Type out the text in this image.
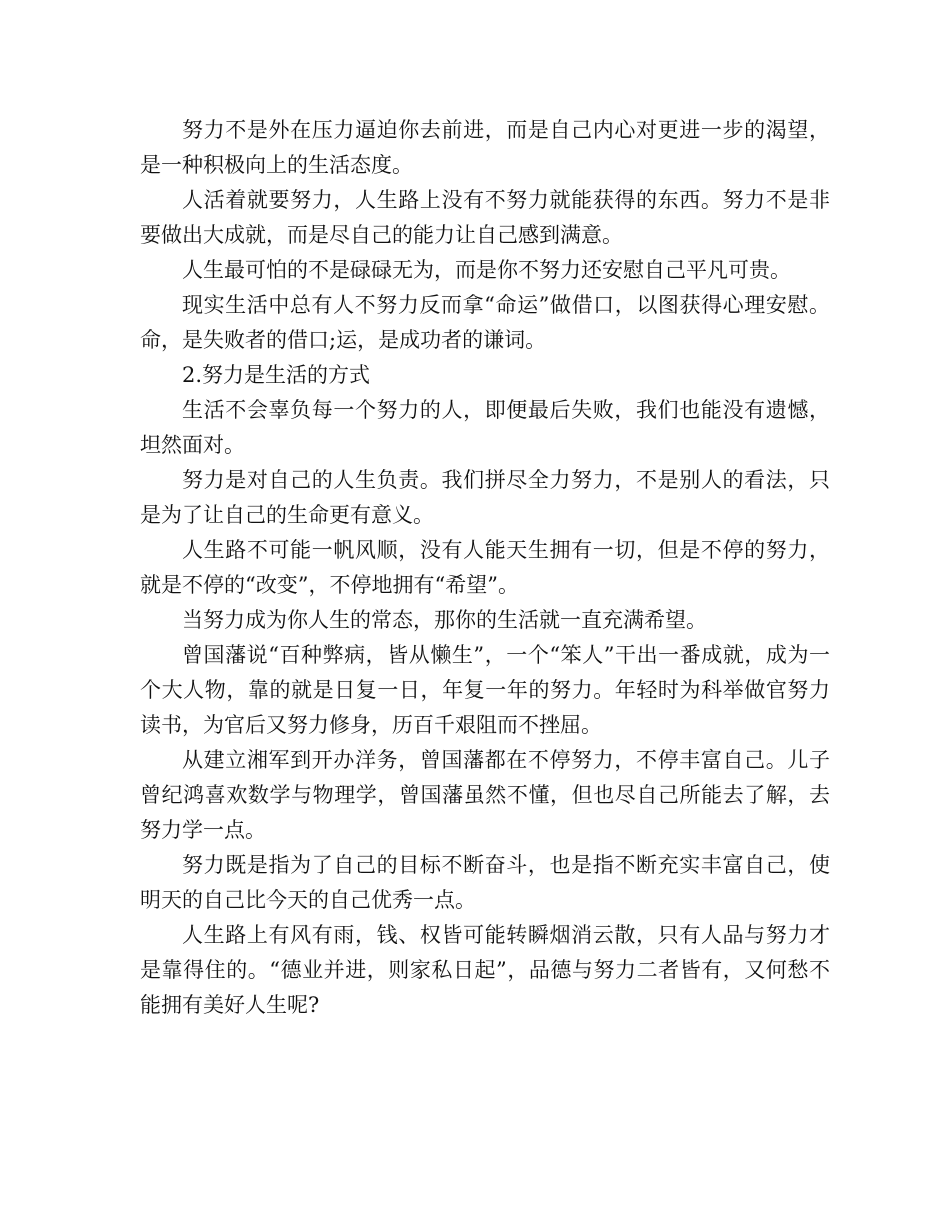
努力不是外在压力逼迫你去前进，而是自己内心对更进一步的渴望，是一种积极向上的生活态度。

人活着就要努力，人生路上没有不努力就能获得的东西。努力不是非要做出大成就，而是尽自己的能力让自己感到满意。

人生最可怕的不是碌碌无为，而是你不努力还安慰自己平凡可贵。

现实生活中总有人不努力反而拿“命运”做借口，以图获得心理安慰。命，是失败者的借口;运，是成功者的谦词。

2.努力是生活的方式

生活不会辜负每一个努力的人，即便最后失败，我们也能没有遗憾，坦然面对。

努力是对自己的人生负责。我们拼尽全力努力，不是别人的看法，只是为了让自己的生命更有意义。

人生路不可能一帆风顺，没有人能天生拥有一切，但是不停的努力，就是不停的“改变”，不停地拥有“希望”。

当努力成为你人生的常态，那你的生活就一直充满希望。

曾国藩说“百种弊病，皆从懒生”，一个“笨人”干出一番成就，成为一个大人物，靠的就是日复一日，年复一年的努力。年轻时为科举做官努力读书，为官后又努力修身，历百千艰阻而不挫屈。

从建立湘军到开办洋务，曾国藩都在不停努力，不停丰富自己。儿子曾纪鸿喜欢数学与物理学，曾国藩虽然不懂，但也尽自己所能去了解，去努力学一点。

努力既是指为了自己的目标不断奋斗，也是指不断充实丰富自己，使明天的自己比今天的自己优秀一点。

人生路上有风有雨，钱、权皆可能转瞬烟消云散，只有人品与努力才是靠得住的。“德业并进，则家私日起”，品德与努力二者皆有，又何愁不能拥有美好人生呢?
